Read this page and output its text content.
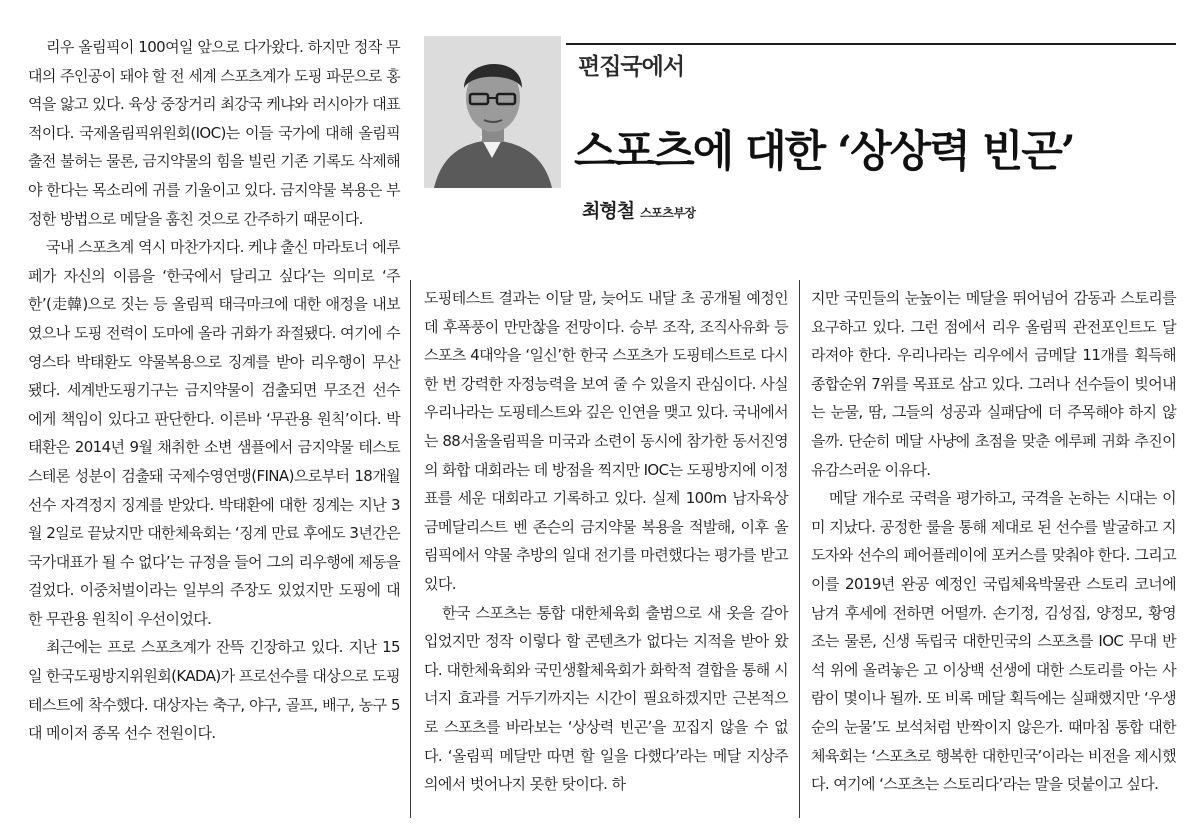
편집국에서
스포츠에 대한 ‘상상력 빈곤’
최형철 스포츠부장

리우 올림픽이 100여일 앞으로 다가왔다. 하지만 정작 무대의 주인공이 돼야 할 전 세계 스포츠계가 도핑 파문으로 홍역을 앓고 있다. 육상 중장거리 최강국 케냐와 러시아가 대표적이다. 국제올림픽위원회(IOC)는 이들 국가에 대해 올림픽 출전 불허는 물론, 금지약물의 힘을 빌린 기존 기록도 삭제해야 한다는 목소리에 귀를 기울이고 있다. 금지약물 복용은 부정한 방법으로 메달을 훔친 것으로 간주하기 때문이다.

국내 스포츠계 역시 마찬가지다. 케냐 출신 마라토너 에루페가 자신의 이름을 ‘한국에서 달리고 싶다’는 의미로 ‘주한’(走韓)으로 짓는 등 올림픽 태극마크에 대한 애정을 내보였으나 도핑 전력이 도마에 올라 귀화가 좌절됐다. 여기에 수영스타 박태환도 약물복용으로 징계를 받아 리우행이 무산됐다. 세계반도핑기구는 금지약물이 검출되면 무조건 선수에게 책임이 있다고 판단한다. 이른바 ‘무관용 원칙’이다. 박태환은 2014년 9월 채취한 소변 샘플에서 금지약물 테스토스테론 성분이 검출돼 국제수영연맹(FINA)으로부터 18개월 선수 자격정지 징계를 받았다. 박태환에 대한 징계는 지난 3월 2일로 끝났지만 대한체육회는 ‘징계 만료 후에도 3년간은 국가대표가 될 수 없다’는 규정을 들어 그의 리우행에 제동을 걸었다. 이중처벌이라는 일부의 주장도 있었지만 도핑에 대한 무관용 원칙이 우선이었다.

최근에는 프로 스포츠계가 잔뜩 긴장하고 있다. 지난 15일 한국도핑방지위원회(KADA)가 프로선수를 대상으로 도핑테스트에 착수했다. 대상자는 축구, 야구, 골프, 배구, 농구 5대 메이저 종목 선수 전원이다.

도핑테스트 결과는 이달 말, 늦어도 내달 초 공개될 예정인데 후폭풍이 만만찮을 전망이다. 승부 조작, 조직사유화 등 스포츠 4대악을 ‘일신’한 한국 스포츠가 도핑테스트로 다시 한 번 강력한 자정능력을 보여 줄 수 있을지 관심이다. 사실 우리나라는 도핑테스트와 깊은 인연을 맺고 있다. 국내에서는 88서울올림픽을 미국과 소련이 동시에 참가한 동서진영의 화합 대회라는 데 방점을 찍지만 IOC는 도핑방지에 이정표를 세운 대회라고 기록하고 있다. 실제 100m 남자육상 금메달리스트 벤 존슨의 금지약물 복용을 적발해, 이후 올림픽에서 약물 추방의 일대 전기를 마련했다는 평가를 받고 있다.

한국 스포츠는 통합 대한체육회 출범으로 새 옷을 갈아입었지만 정작 이렇다 할 콘텐츠가 없다는 지적을 받아 왔다. 대한체육회와 국민생활체육회가 화학적 결합을 통해 시너지 효과를 거두기까지는 시간이 필요하겠지만 근본적으로 스포츠를 바라보는 ‘상상력 빈곤’을 꼬집지 않을 수 없다. ‘올림픽 메달만 따면 할 일을 다했다’라는 메달 지상주의에서 벗어나지 못한 탓이다. 하

지만 국민들의 눈높이는 메달을 뛰어넘어 감동과 스토리를 요구하고 있다. 그런 점에서 리우 올림픽 관전포인트도 달라져야 한다. 우리나라는 리우에서 금메달 11개를 획득해 종합순위 7위를 목표로 삼고 있다. 그러나 선수들이 빚어내는 눈물, 땀, 그들의 성공과 실패담에 더 주목해야 하지 않을까. 단순히 메달 사냥에 초점을 맞춘 에루페 귀화 추진이 유감스러운 이유다.

메달 개수로 국력을 평가하고, 국격을 논하는 시대는 이미 지났다. 공정한 룰을 통해 제대로 된 선수를 발굴하고 지도자와 선수의 페어플레이에 포커스를 맞춰야 한다. 그리고 이를 2019년 완공 예정인 국립체육박물관 스토리 코너에 남겨 후세에 전하면 어떨까. 손기정, 김성집, 양정모, 황영조는 물론, 신생 독립국 대한민국의 스포츠를 IOC 무대 반석 위에 올려놓은 고 이상백 선생에 대한 스토리를 아는 사람이 몇이나 될까. 또 비록 메달 획득에는 실패했지만 ‘우생순의 눈물’도 보석처럼 반짝이지 않은가. 때마침 통합 대한체육회는 ‘스포츠로 행복한 대한민국’이라는 비전을 제시했다. 여기에 ‘스포츠는 스토리다’라는 말을 덧붙이고 싶다.
